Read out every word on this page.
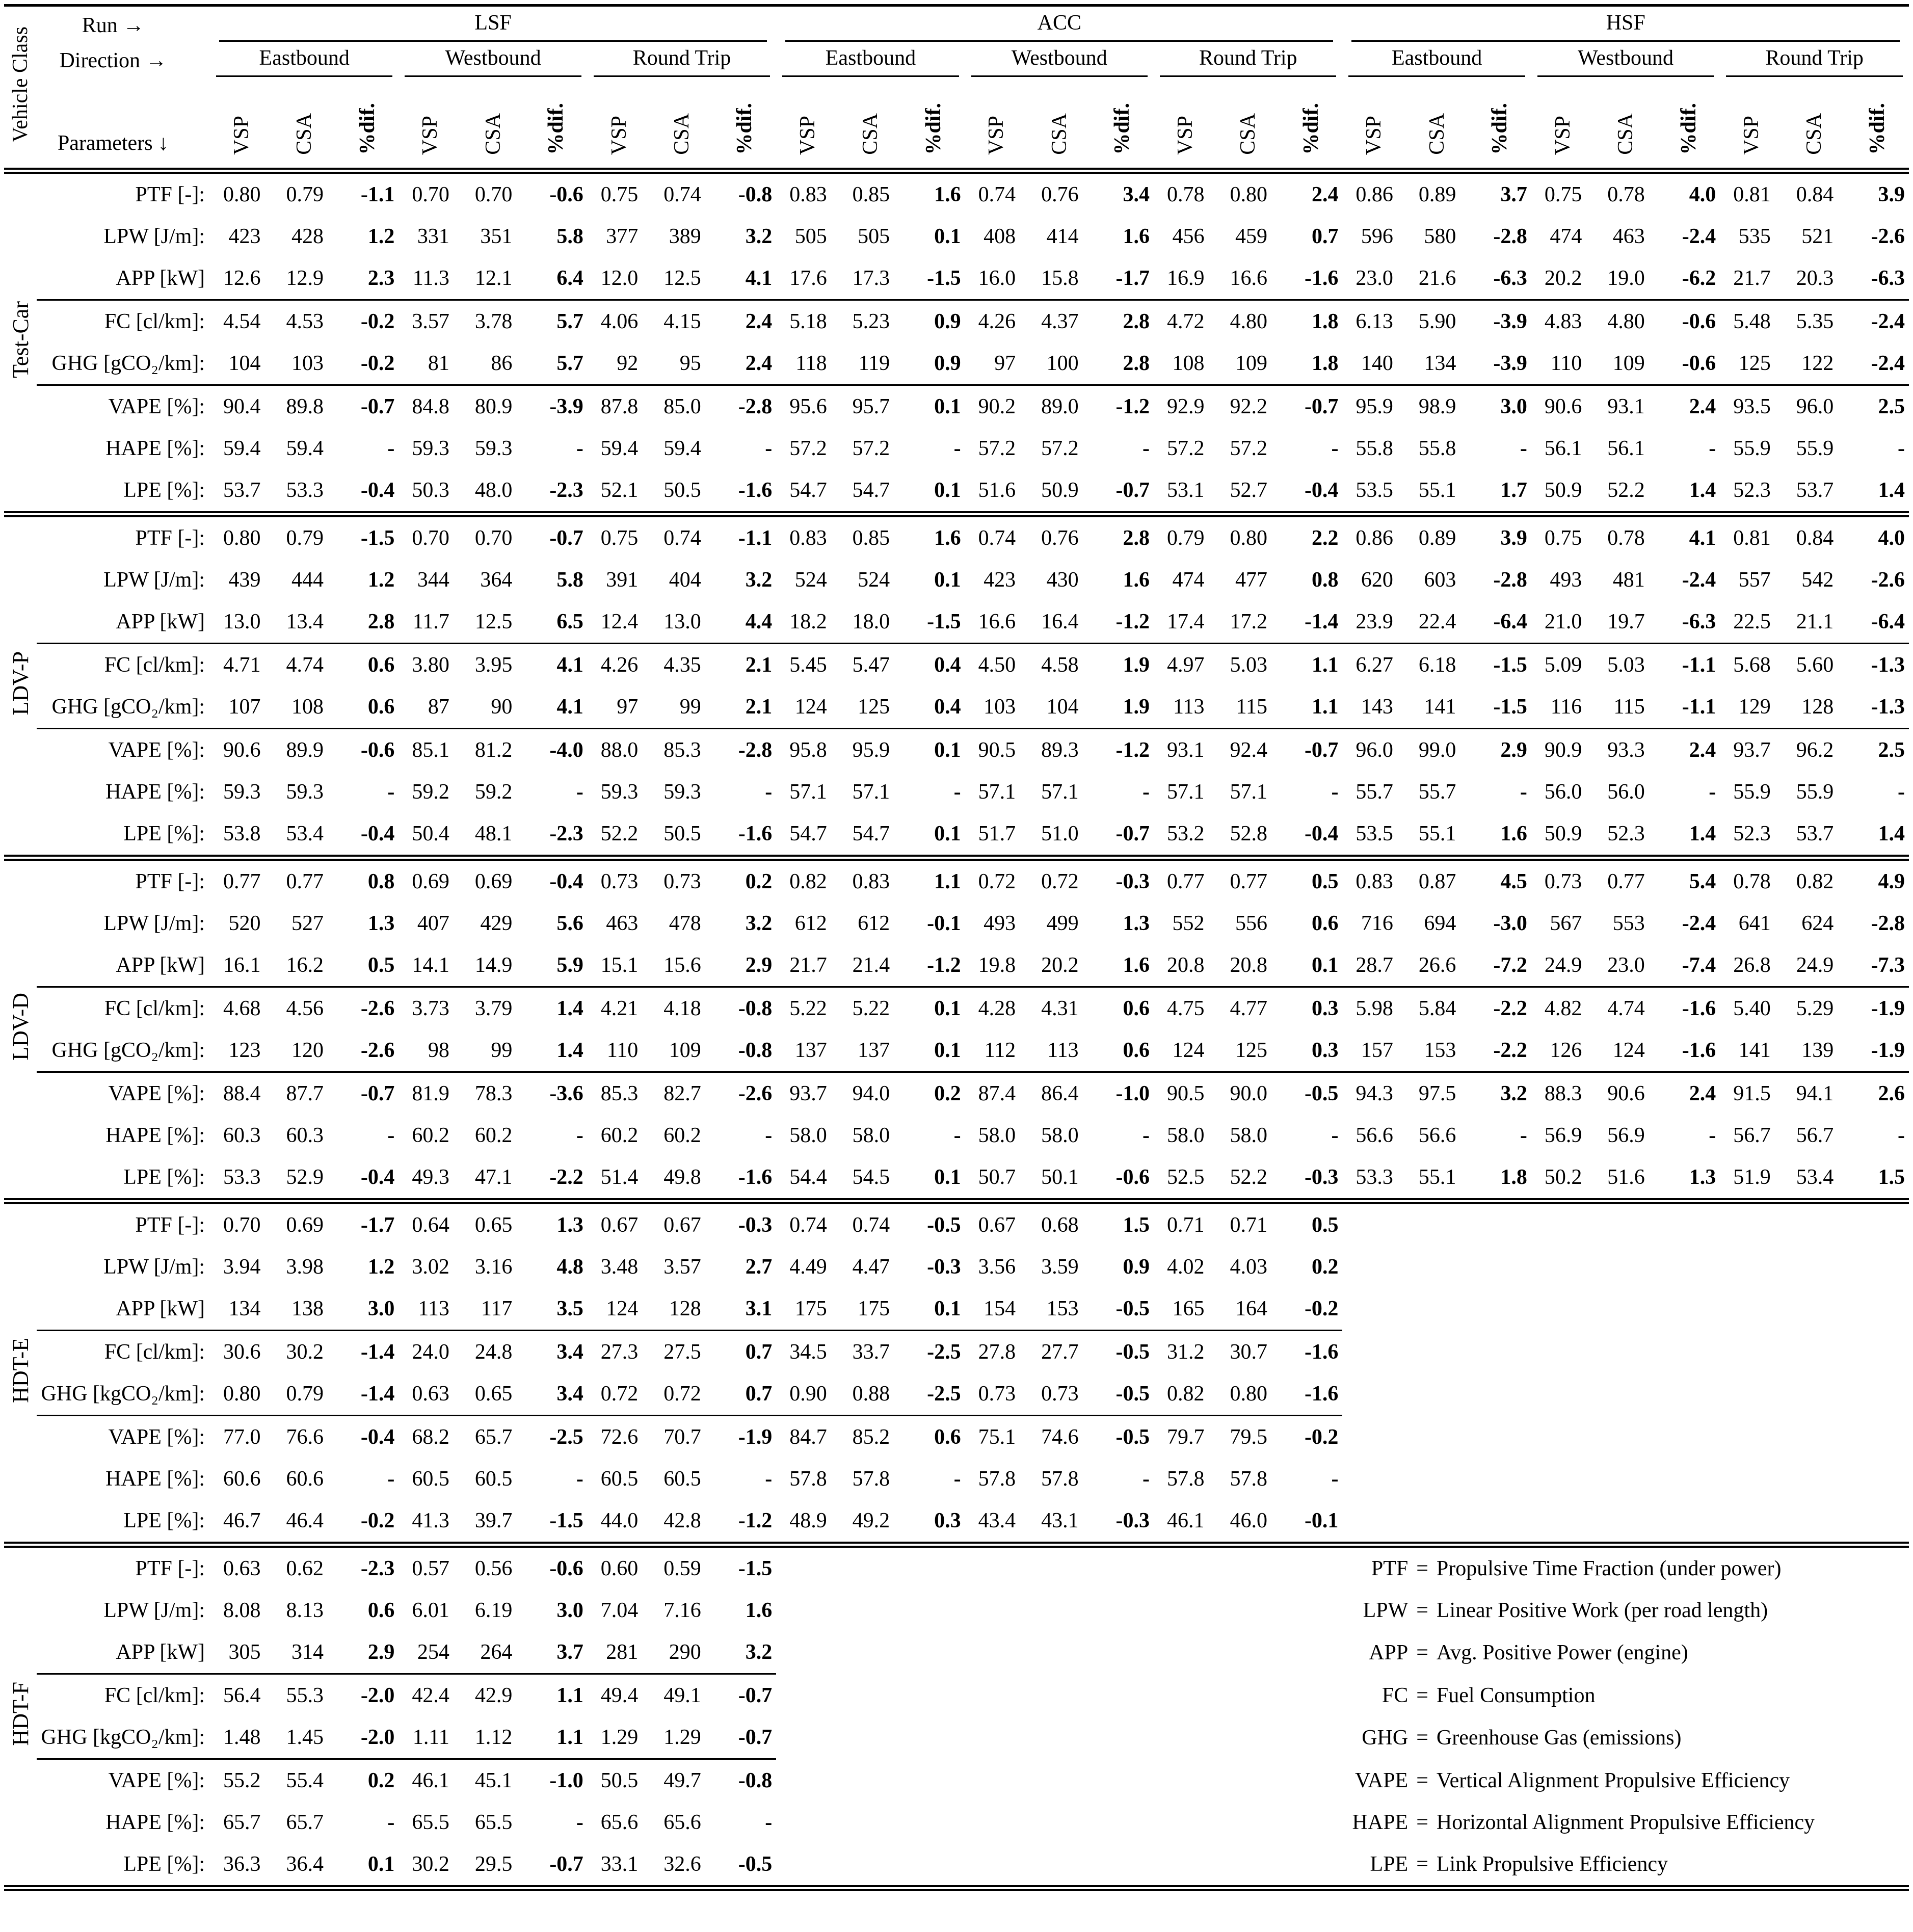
Vehicle Class	Run →	LSF									ACC									HSF								

	Direction →	Eastbound			Westbound			Round Trip			Eastbound			Westbound			Round Trip			Eastbound			Westbound			Round Trip		

	Parameters ↓	VSP	CSA	%dif.	VSP	CSA	%dif.	VSP	CSA	%dif.	VSP	CSA	%dif.	VSP	CSA	%dif.	VSP	CSA	%dif.	VSP	CSA	%dif.	VSP	CSA	%dif.	VSP	CSA	%dif.

Test-Car	PTF [-]:	0.80	0.79	-1.1	0.70	0.70	-0.6	0.75	0.74	-0.8	0.83	0.85	1.6	0.74	0.76	3.4	0.78	0.80	2.4	0.86	0.89	3.7	0.75	0.78	4.0	0.81	0.84	3.9
	LPW [J/m]:	423	428	1.2	331	351	5.8	377	389	3.2	505	505	0.1	408	414	1.6	456	459	0.7	596	580	-2.8	474	463	-2.4	535	521	-2.6
	APP [kW]	12.6	12.9	2.3	11.3	12.1	6.4	12.0	12.5	4.1	17.6	17.3	-1.5	16.0	15.8	-1.7	16.9	16.6	-1.6	23.0	21.6	-6.3	20.2	19.0	-6.2	21.7	20.3	-6.3

	FC [cl/km]:	4.54	4.53	-0.2	3.57	3.78	5.7	4.06	4.15	2.4	5.18	5.23	0.9	4.26	4.37	2.8	4.72	4.80	1.8	6.13	5.90	-3.9	4.83	4.80	-0.6	5.48	5.35	-2.4
	GHG [gCO₂/km]:	104	103	-0.2	81	86	5.7	92	95	2.4	118	119	0.9	97	100	2.8	108	109	1.8	140	134	-3.9	110	109	-0.6	125	122	-2.4

	VAPE [%]:	90.4	89.8	-0.7	84.8	80.9	-3.9	87.8	85.0	-2.8	95.6	95.7	0.1	90.2	89.0	-1.2	92.9	92.2	-0.7	95.9	98.9	3.0	90.6	93.1	2.4	93.5	96.0	2.5
	HAPE [%]:	59.4	59.4	-	59.3	59.3	-	59.4	59.4	-	57.2	57.2	-	57.2	57.2	-	57.2	57.2	-	55.8	55.8	-	56.1	56.1	-	55.9	55.9	-
	LPE [%]:	53.7	53.3	-0.4	50.3	48.0	-2.3	52.1	50.5	-1.6	54.7	54.7	0.1	51.6	50.9	-0.7	53.1	52.7	-0.4	53.5	55.1	1.7	50.9	52.2	1.4	52.3	53.7	1.4

LDV-P	PTF [-]:	0.80	0.79	-1.5	0.70	0.70	-0.7	0.75	0.74	-1.1	0.83	0.85	1.6	0.74	0.76	2.8	0.79	0.80	2.2	0.86	0.89	3.9	0.75	0.78	4.1	0.81	0.84	4.0
	LPW [J/m]:	439	444	1.2	344	364	5.8	391	404	3.2	524	524	0.1	423	430	1.6	474	477	0.8	620	603	-2.8	493	481	-2.4	557	542	-2.6
	APP [kW]	13.0	13.4	2.8	11.7	12.5	6.5	12.4	13.0	4.4	18.2	18.0	-1.5	16.6	16.4	-1.2	17.4	17.2	-1.4	23.9	22.4	-6.4	21.0	19.7	-6.3	22.5	21.1	-6.4

	FC [cl/km]:	4.71	4.74	0.6	3.80	3.95	4.1	4.26	4.35	2.1	5.45	5.47	0.4	4.50	4.58	1.9	4.97	5.03	1.1	6.27	6.18	-1.5	5.09	5.03	-1.1	5.68	5.60	-1.3
	GHG [gCO₂/km]:	107	108	0.6	87	90	4.1	97	99	2.1	124	125	0.4	103	104	1.9	113	115	1.1	143	141	-1.5	116	115	-1.1	129	128	-1.3

	VAPE [%]:	90.6	89.9	-0.6	85.1	81.2	-4.0	88.0	85.3	-2.8	95.8	95.9	0.1	90.5	89.3	-1.2	93.1	92.4	-0.7	96.0	99.0	2.9	90.9	93.3	2.4	93.7	96.2	2.5
	HAPE [%]:	59.3	59.3	-	59.2	59.2	-	59.3	59.3	-	57.1	57.1	-	57.1	57.1	-	57.1	57.1	-	55.7	55.7	-	56.0	56.0	-	55.9	55.9	-
	LPE [%]:	53.8	53.4	-0.4	50.4	48.1	-2.3	52.2	50.5	-1.6	54.7	54.7	0.1	51.7	51.0	-0.7	53.2	52.8	-0.4	53.5	55.1	1.6	50.9	52.3	1.4	52.3	53.7	1.4

LDV-D	PTF [-]:	0.77	0.77	0.8	0.69	0.69	-0.4	0.73	0.73	0.2	0.82	0.83	1.1	0.72	0.72	-0.3	0.77	0.77	0.5	0.83	0.87	4.5	0.73	0.77	5.4	0.78	0.82	4.9
	LPW [J/m]:	520	527	1.3	407	429	5.6	463	478	3.2	612	612	-0.1	493	499	1.3	552	556	0.6	716	694	-3.0	567	553	-2.4	641	624	-2.8
	APP [kW]	16.1	16.2	0.5	14.1	14.9	5.9	15.1	15.6	2.9	21.7	21.4	-1.2	19.8	20.2	1.6	20.8	20.8	0.1	28.7	26.6	-7.2	24.9	23.0	-7.4	26.8	24.9	-7.3

	FC [cl/km]:	4.68	4.56	-2.6	3.73	3.79	1.4	4.21	4.18	-0.8	5.22	5.22	0.1	4.28	4.31	0.6	4.75	4.77	0.3	5.98	5.84	-2.2	4.82	4.74	-1.6	5.40	5.29	-1.9
	GHG [gCO₂/km]:	123	120	-2.6	98	99	1.4	110	109	-0.8	137	137	0.1	112	113	0.6	124	125	0.3	157	153	-2.2	126	124	-1.6	141	139	-1.9

	VAPE [%]:	88.4	87.7	-0.7	81.9	78.3	-3.6	85.3	82.7	-2.6	93.7	94.0	0.2	87.4	86.4	-1.0	90.5	90.0	-0.5	94.3	97.5	3.2	88.3	90.6	2.4	91.5	94.1	2.6
	HAPE [%]:	60.3	60.3	-	60.2	60.2	-	60.2	60.2	-	58.0	58.0	-	58.0	58.0	-	58.0	58.0	-	56.6	56.6	-	56.9	56.9	-	56.7	56.7	-
	LPE [%]:	53.3	52.9	-0.4	49.3	47.1	-2.2	51.4	49.8	-1.6	54.4	54.5	0.1	50.7	50.1	-0.6	52.5	52.2	-0.3	53.3	55.1	1.8	50.2	51.6	1.3	51.9	53.4	1.5

HDT-E	PTF [-]:	0.70	0.69	-1.7	0.64	0.65	1.3	0.67	0.67	-0.3	0.74	0.74	-0.5	0.67	0.68	1.5	0.71	0.71	0.5									
	LPW [J/m]:	3.94	3.98	1.2	3.02	3.16	4.8	3.48	3.57	2.7	4.49	4.47	-0.3	3.56	3.59	0.9	4.02	4.03	0.2									
	APP [kW]	134	138	3.0	113	117	3.5	124	128	3.1	175	175	0.1	154	153	-0.5	165	164	-0.2									

	FC [cl/km]:	30.6	30.2	-1.4	24.0	24.8	3.4	27.3	27.5	0.7	34.5	33.7	-2.5	27.8	27.7	-0.5	31.2	30.7	-1.6									
	GHG [kgCO₂/km]:	0.80	0.79	-1.4	0.63	0.65	3.4	0.72	0.72	0.7	0.90	0.88	-2.5	0.73	0.73	-0.5	0.82	0.80	-1.6									

	VAPE [%]:	77.0	76.6	-0.4	68.2	65.7	-2.5	72.6	70.7	-1.9	84.7	85.2	0.6	75.1	74.6	-0.5	79.7	79.5	-0.2									
	HAPE [%]:	60.6	60.6	-	60.5	60.5	-	60.5	60.5	-	57.8	57.8	-	57.8	57.8	-	57.8	57.8	-									
	LPE [%]:	46.7	46.4	-0.2	41.3	39.7	-1.5	44.0	42.8	-1.2	48.9	49.2	0.3	43.4	43.1	-0.3	46.1	46.0	-0.1									

HDT-F	PTF [-]:	0.63	0.62	-2.3	0.57	0.56	-0.6	0.60	0.59	-1.5	PTF = Propulsive Time Fraction (under power)																	
	LPW [J/m]:	8.08	8.13	0.6	6.01	6.19	3.0	7.04	7.16	1.6	LPW = Linear Positive Work (per road length)																	
	APP [kW]	305	314	2.9	254	264	3.7	281	290	3.2	APP = Avg. Positive Power (engine)																	

	FC [cl/km]:	56.4	55.3	-2.0	42.4	42.9	1.1	49.4	49.1	-0.7	FC = Fuel Consumption																	
	GHG [kgCO₂/km]:	1.48	1.45	-2.0	1.11	1.12	1.1	1.29	1.29	-0.7	GHG = Greenhouse Gas (emissions)																	

	VAPE [%]:	55.2	55.4	0.2	46.1	45.1	-1.0	50.5	49.7	-0.8	VAPE = Vertical Alignment Propulsive Efficiency																	
	HAPE [%]:	65.7	65.7	-	65.5	65.5	-	65.6	65.6	-	HAPE = Horizontal Alignment Propulsive Efficiency																	
	LPE [%]:	36.3	36.4	0.1	30.2	29.5	-0.7	33.1	32.6	-0.5	LPE = Link Propulsive Efficiency																	
